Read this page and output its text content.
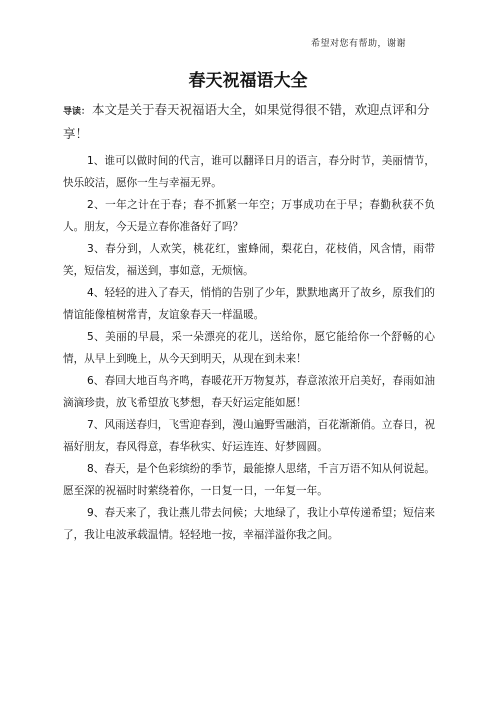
希望对您有帮助，谢谢
春天祝福语大全
导读： 本文是关于春天祝福语大全，如果觉得很不错，欢迎点评和分享！
1、谁可以做时间的代言，谁可以翻译日月的语言，春分时节，美丽情节，快乐皎洁，愿你一生与幸福无界。
2、一年之计在于春；春不抓紧一年空；万事成功在于早；春勤秋获不负人。朋友，今天是立春你准备好了吗？
3、春分到，人欢笑，桃花红，蜜蜂闹，梨花白，花枝俏，风含情，雨带笑，短信发，福送到，事如意，无烦恼。
4、轻轻的进入了春天，悄悄的告别了少年，默默地离开了故乡，原我们的情谊能像植树常青，友谊象春天一样温暖。
5、美丽的早晨，采一朵漂亮的花儿，送给你，愿它能给你一个舒畅的心情，从早上到晚上，从今天到明天，从现在到未来！
6、春回大地百鸟齐鸣，春暖花开万物复苏，春意浓浓开启美好，春雨如油滴滴珍贵，放飞希望放飞梦想，春天好运定能如愿！
7、风雨送春归，飞雪迎春到，漫山遍野雪融消，百花渐渐俏。立春日，祝福好朋友，春风得意，春华秋实、好运连连、好梦圆圆。
8、春天，是个色彩缤纷的季节，最能撩人思绪，千言万语不知从何说起。愿至深的祝福时时萦绕着你，一日复一日，一年复一年。
9、春天来了，我让燕儿带去问候；大地绿了，我让小草传递希望；短信来了，我让电波承载温情。轻轻地一按，幸福洋溢你我之间。
